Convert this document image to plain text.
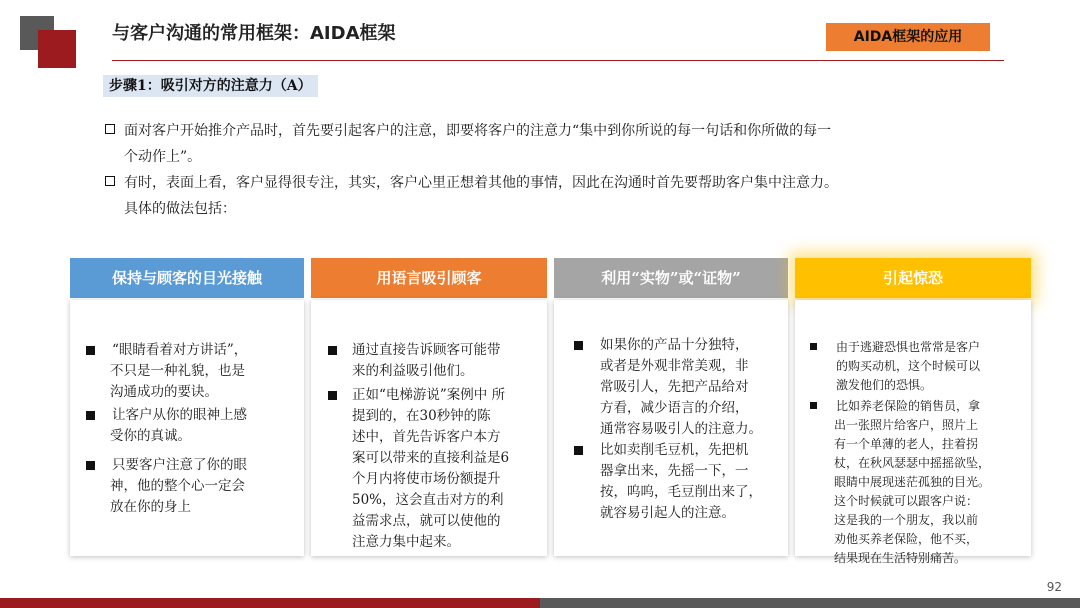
与客户沟通的常用框架：AIDA框架	AIDA框架的应用
步骤1：吸引对方的注意力（A）
面对客户开始推介产品时，首先要引起客户的注意，即要将客户的注意力“集中到你所说的每一句话和你所做的每一
个动作上”。
有时，表面上看，客户显得很专注，其实，客户心里正想着其他的事情，因此在沟通时首先要帮助客户集中注意力。
具体的做法包括：
保持与顾客的目光接触	用语言吸引顾客	利用“实物”或“证物”	引起惊恐
“眼睛看着对方讲话”，
不只是一种礼貌，也是
沟通成功的要诀。
让客户从你的眼神上感
受你的真诚。
只要客户注意了你的眼
神，他的整个心一定会
放在你的身上
通过直接告诉顾客可能带
来的利益吸引他们。
正如“电梯游说”案例中 所
提到的，在30秒钟的陈
述中，首先告诉客户本方
案可以带来的直接利益是6
个月内将使市场份额提升
50%，这会直击对方的利
益需求点，就可以使他的
注意力集中起来。
如果你的产品十分独特，
或者是外观非常美观，非
常吸引人，先把产品给对
方看，减少语言的介绍，
通常容易吸引人的注意力。
比如卖削毛豆机，先把机
器拿出来，先摇一下，一
按，呜呜，毛豆削出来了，
就容易引起人的注意。
由于逃避恐惧也常常是客户
的购买动机，这个时候可以
激发他们的恐惧。
比如养老保险的销售员，拿
出一张照片给客户，照片上
有一个单薄的老人，拄着拐
杖，在秋风瑟瑟中摇摇欲坠，
眼睛中展现迷茫孤独的目光。
这个时候就可以跟客户说：
这是我的一个朋友，我以前
劝他买养老保险，他不买，
结果现在生活特别痛苦。
92
